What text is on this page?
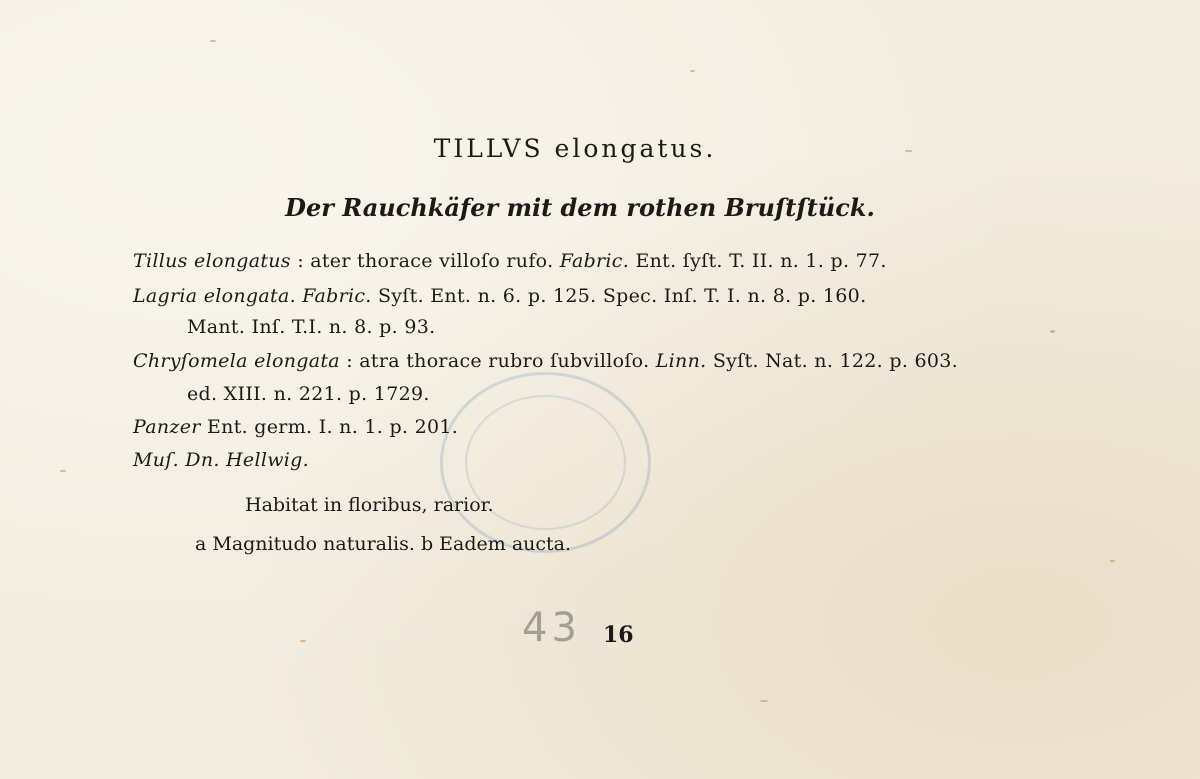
TILLVS elongatus.
Der Rauchkäfer mit dem rothen Bruſtſtück.
Tillus elongatus : ater thorace villoſo rufo. Fabric. Ent. ſyſt. T. II. n. 1. p. 77.
Lagria elongata. Fabric. Syſt. Ent. n. 6. p. 125. Spec. Inſ. T. I. n. 8. p. 160.
Mant. Inſ. T.I. n. 8. p. 93.
Chryſomela elongata : atra thorace rubro ſubvilloſo. Linn. Syſt. Nat. n. 122. p. 603.
ed. XIII. n. 221. p. 1729.
Panzer Ent. germ. I. n. 1. p. 201.
Muſ. Dn. Hellwig.
Habitat in floribus, rarior.
a Magnitudo naturalis. b Eadem aucta.
43 16
